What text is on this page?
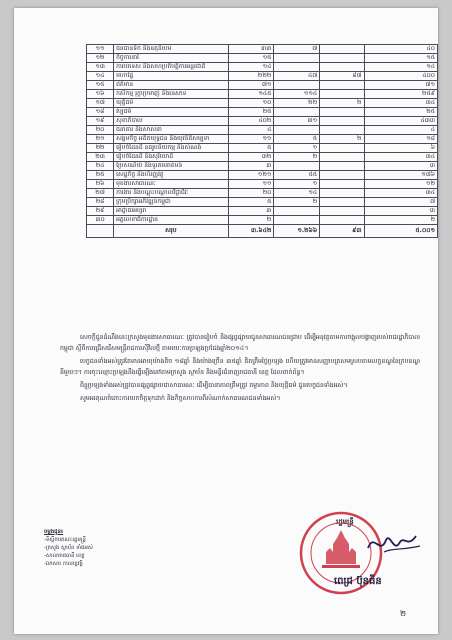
១១	ធនធានទឹក និងឧតុនិយម	៣៣	៧		៤០
១២	កិច្ចការនារី	១៥			១៥
១៣	ការបរទេស និងសហប្រតិបត្តិការអន្តរជាតិ	១៤			១៤
១៤	មហាផ្ទៃ	២២២	៤៧	៨៧	៤០០
១៥	ព័ត៌មាន	៧១			៧១
១៦	កសិកម្ម រុក្ខាប្រមាញ់ និងនេសាទ	១៤៥	១១៤		២៥៩
១៧	យុត្តិធម៌	១០	២២	២	៣៤
១៨	វប្បធម៌	២៥			២៥
១៩	សុខាភិបាល	៤០២	៣១		៤៣៣
២០	ធនាគារ និងសាសនា	៤			៤
២១	សង្គមកិច្ច អតីតយុទ្ធជន និងយុវនីតិសម្បទា	១១	៥	២	១៨
២២	រៀបចំដែនដី នគរូបនីយកម្ម និងសំណង់	៥	១		៦
២៣	រៀបចំដែនដី និងសុរិយោដី	៣២	២		៣៤
២៤	ប្រៃសណីយ៍ និងទូរគមនាគមន៍	៣			៣
២៥	សេដ្ឋកិច្ច និងហិរញ្ញវត្ថុ	១២១	៥៥		១៧៦
២៦	មុខងារសាធារណៈ	១១	១		១២
២៧	ការងារ និងបណ្តុះបណ្តាលវិជ្ជាជីវៈ	២០	១៤		៣៤
២៨	ក្រុមប្រឹក្សាអភិវឌ្ឍន៍កម្ពុជា	៥	២		៧
២៩	អាជ្ញាធរអប្សរា	៣			៣
៣០	អគ្គលេខាធិការដ្ឋាន	២			២
	សរុប	៣.៦៤២	១.២៦៦	៩៣	៥.០០១

សេចក្តីជូនដំណឹងនេះក្រសួងមុខងារសាធារណៈ ត្រូវបានរៀបចំ និងផ្សព្វផ្សាយជូនសាធារណជនជ្រាប ដើម្បីអនុវត្តតាមការចង្អុលបង្ហាញរបស់រាជរដ្ឋាភិបាលកម្ពុជា ស្តីពីការជ្រើសរើសមន្ត្រីរាជការស៊ីវិលថ្មី តាមរយៈការប្រឡងប្រជែងឆ្នាំ២០១៤។

បេក្ខជនទាំងអស់ត្រូវតែមានអាយុយ៉ាងតិច ១៨ឆ្នាំ និងយ៉ាងច្រើន ៣៥ឆ្នាំ គិតត្រឹមថ្ងៃប្រឡង ហើយត្រូវមានសញ្ញាបត្រសមស្របតាមលក្ខខណ្ឌនៃក្របខណ្ឌនីមួយៗ។ ការចុះឈ្មោះប្រឡងនឹងធ្វើឡើងនៅតាមក្រសួង ស្ថាប័ន និងមន្ទីរជំនាញរាជធានី ខេត្ត ដែលពាក់ព័ន្ធ។

ពិន្ទុប្រឡងទាំងអស់ត្រូវបានផ្សព្វផ្សាយជាសាធារណៈ ដើម្បីធានាភាពត្រឹមត្រូវ តម្លាភាព និងយុត្តិធម៌ ជូនបេក្ខជនទាំងអស់។

សូមអរគុណចំពោះការយកចិត្តទុកដាក់ និងកិច្ចសហការពីសំណាក់សាធារណជនទាំងអស់។

ចម្លងជូន៖
-ទីស្តីការគណៈរដ្ឋមន្ត្រី
-ក្រសួង ស្ថាប័ន ទាំងអស់
-សាលារាជធានី ខេត្ត
-ឯកសារ កាលប្បវត្តិ
រដ្ឋមន្ត្រី
ពេជ្រ ប៊ុនធិន
២
